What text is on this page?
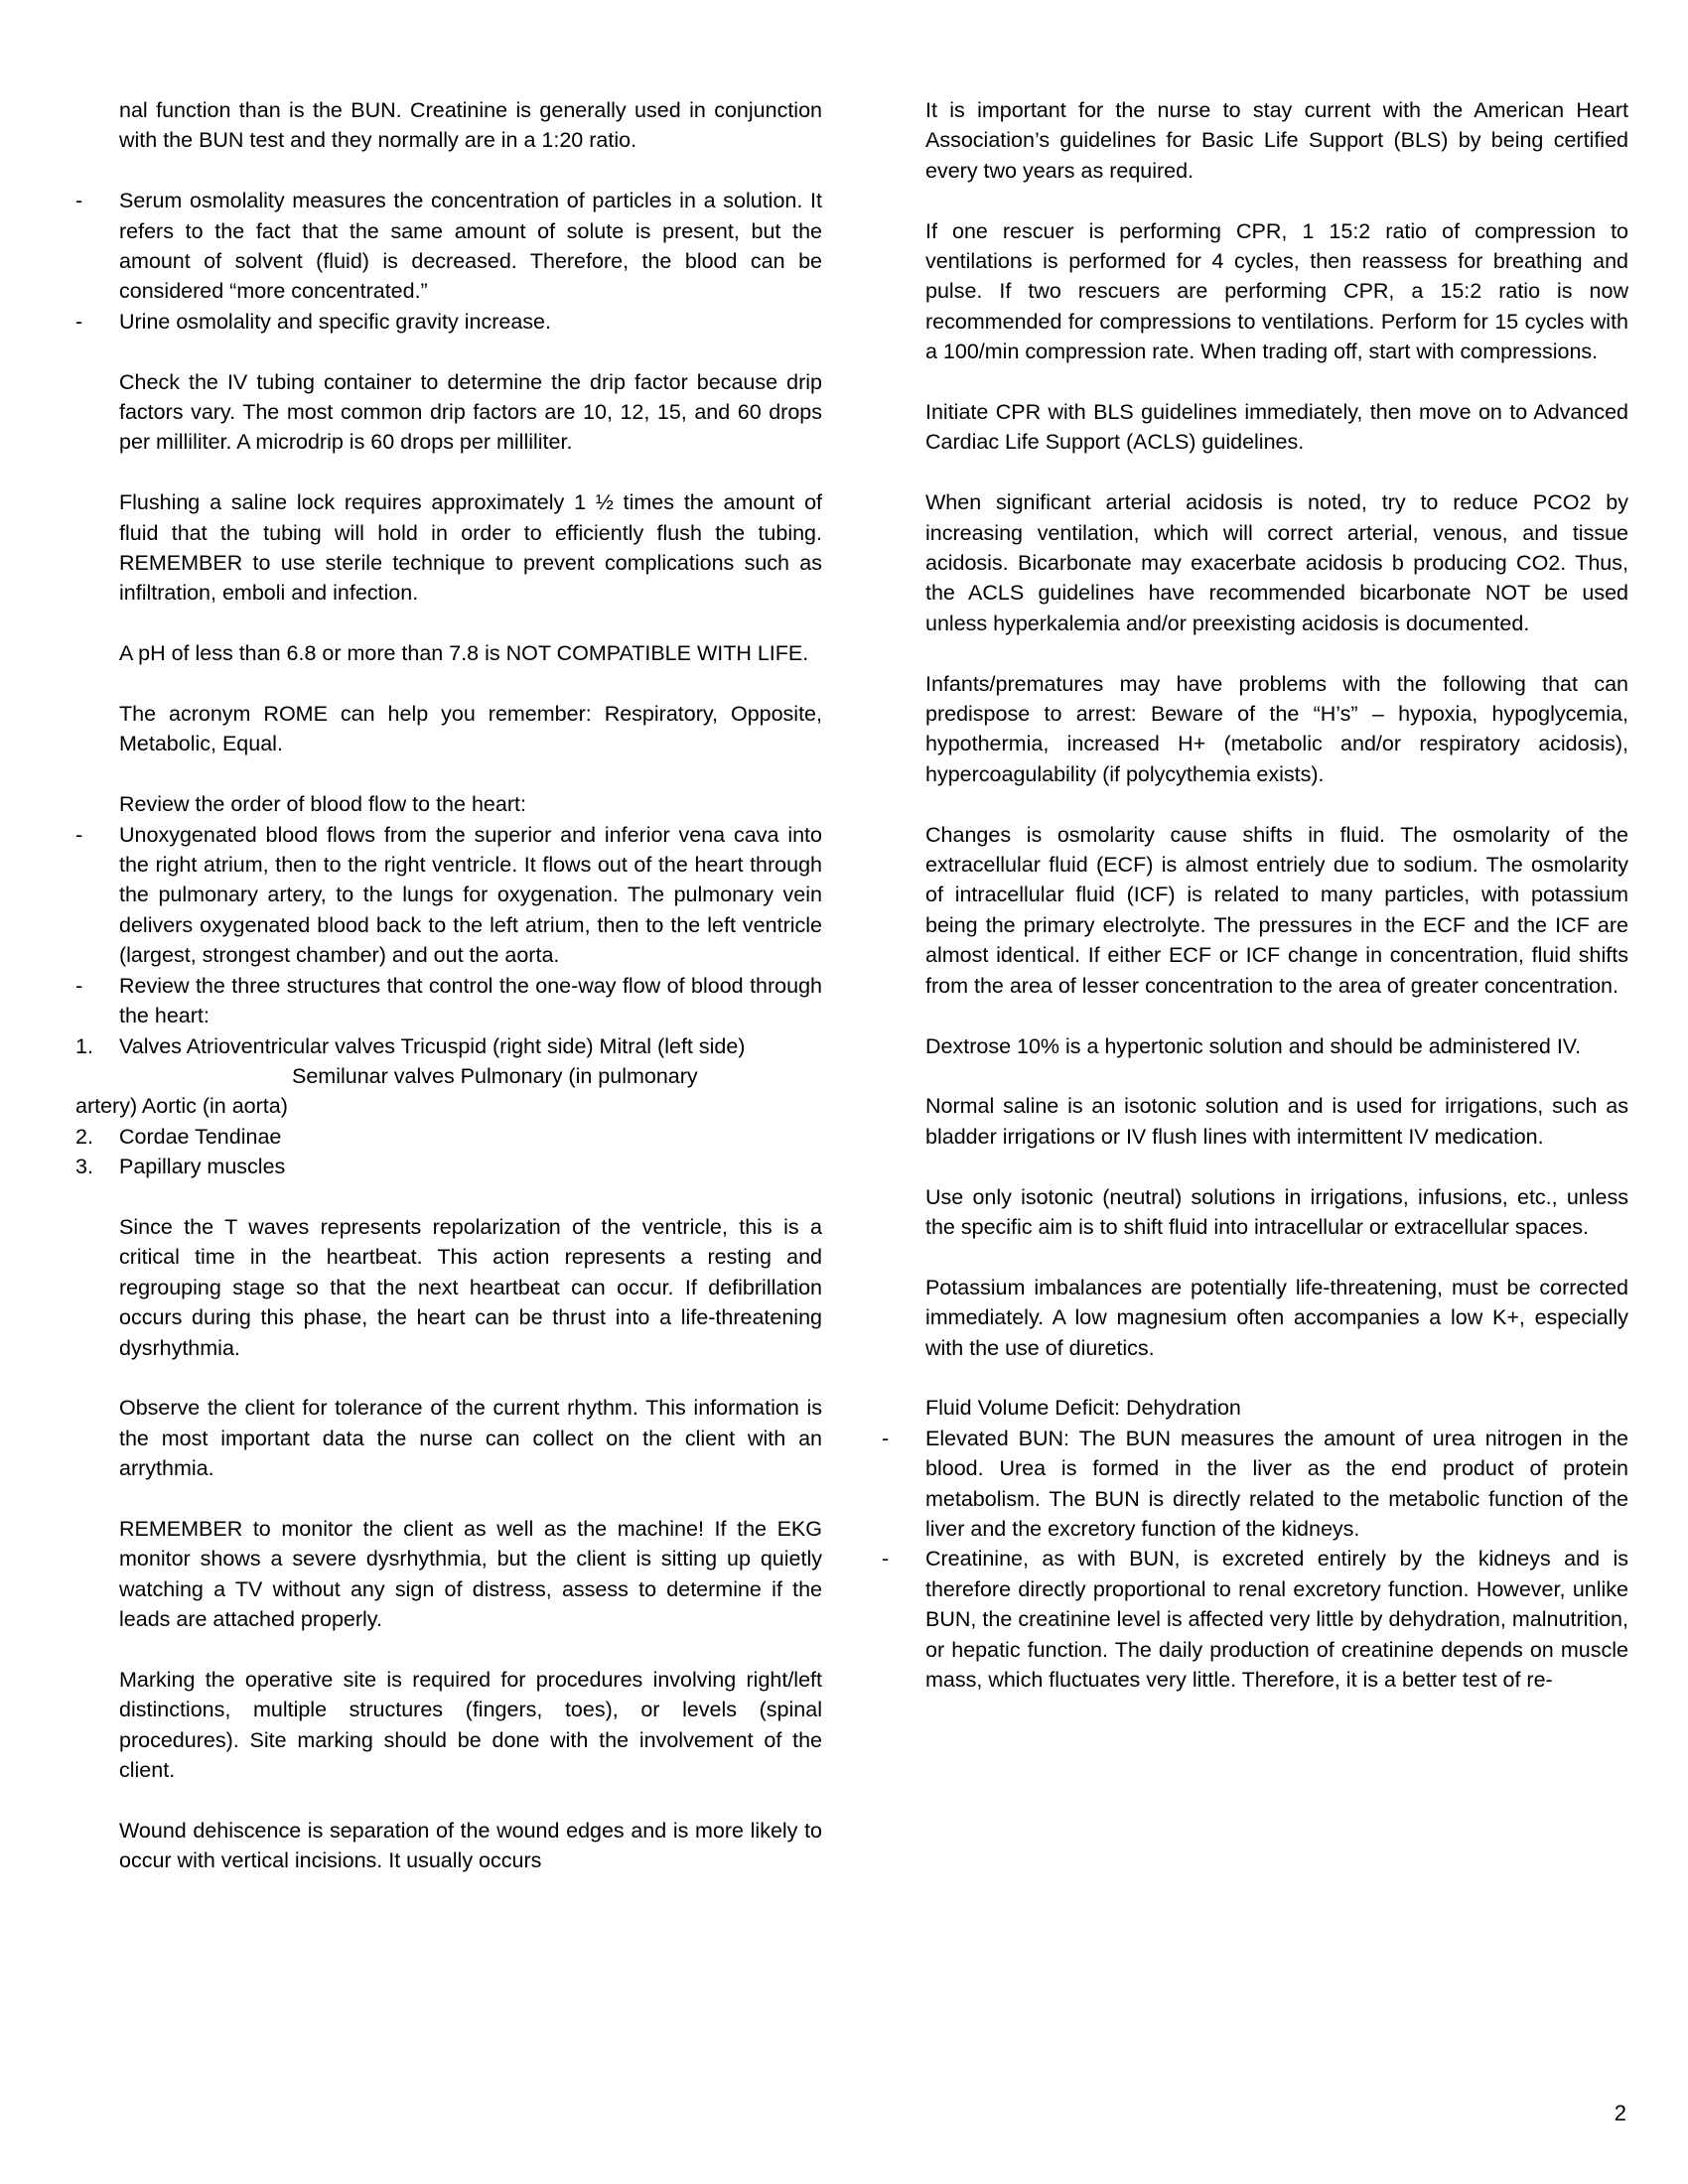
nal function than is the BUN. Creatinine is generally used in conjunction with the BUN test and they normally are in a 1:20 ratio.

-	Serum osmolality measures the concentration of particles in a solution. It refers to the fact that the same amount of solute is present, but the amount of solvent (fluid) is decreased. Therefore, the blood can be considered “more concentrated.”
-	Urine osmolality and specific gravity increase.

Check the IV tubing container to determine the drip factor because drip factors vary. The most common drip factors are 10, 12, 15, and 60 drops per milliliter. A microdrip is 60 drops per milliliter.

Flushing a saline lock requires approximately 1 ½ times the amount of fluid that the tubing will hold in order to efficiently flush the tubing. REMEMBER to use sterile technique to prevent complications such as infiltration, emboli and infection.

A pH of less than 6.8 or more than 7.8 is NOT COMPATIBLE WITH LIFE.

The acronym ROME can help you remember: Respiratory, Opposite, Metabolic, Equal.

Review the order of blood flow to the heart:

-	Unoxygenated blood flows from the superior and inferior vena cava into the right atrium, then to the right ventricle. It flows out of the heart through the pulmonary artery, to the lungs for oxygenation. The pulmonary vein delivers oxygenated blood back to the left atrium, then to the left ventricle (largest, strongest chamber) and out the aorta.
-	Review the three structures that control the one-way flow of blood through the heart:
1.	Valves Atrioventricular valves Tricuspid (right side) Mitral (left side)
Semilunar valves Pulmonary (in pulmonary
artery) Aortic (in aorta)
2.	Cordae Tendinae
3.	Papillary muscles

Since the T waves represents repolarization of the ventricle, this is a critical time in the heartbeat. This action represents a resting and regrouping stage so that the next heartbeat can occur. If defibrillation occurs during this phase, the heart can be thrust into a life-threatening dysrhythmia.

Observe the client for tolerance of the current rhythm. This information is the most important data the nurse can collect on the client with an arrythmia.

REMEMBER to monitor the client as well as the machine! If the EKG monitor shows a severe dysrhythmia, but the client is sitting up quietly watching a TV without any sign of distress, assess to determine if the leads are attached properly.

Marking the operative site is required for procedures involving right/left distinctions, multiple structures (fingers, toes), or levels (spinal procedures). Site marking should be done with the involvement of the client.

Wound dehiscence is separation of the wound edges and is more likely to occur with vertical incisions. It usually occurs

It is important for the nurse to stay current with the American Heart Association’s guidelines for Basic Life Support (BLS) by being certified every two years as required.

If one rescuer is performing CPR, 1 15:2 ratio of compression to ventilations is performed for 4 cycles, then reassess for breathing and pulse. If two rescuers are performing CPR, a 15:2 ratio is now recommended for compressions to ventilations. Perform for 15 cycles with a 100/min compression rate. When trading off, start with compressions.

Initiate CPR with BLS guidelines immediately, then move on to Advanced Cardiac Life Support (ACLS) guidelines.

When significant arterial acidosis is noted, try to reduce PCO2 by increasing ventilation, which will correct arterial, venous, and tissue acidosis. Bicarbonate may exacerbate acidosis b producing CO2. Thus, the ACLS guidelines have recommended bicarbonate NOT be used unless hyperkalemia and/or preexisting acidosis is documented.

Infants/prematures may have problems with the following that can predispose to arrest: Beware of the “H’s” – hypoxia, hypoglycemia, hypothermia, increased H+ (metabolic and/or respiratory acidosis), hypercoagulability (if polycythemia exists).

Changes is osmolarity cause shifts in fluid. The osmolarity of the extracellular fluid (ECF) is almost entriely due to sodium. The osmolarity of intracellular fluid (ICF) is related to many particles, with potassium being the primary electrolyte. The pressures in the ECF and the ICF are almost identical. If either ECF or ICF change in concentration, fluid shifts from the area of lesser concentration to the area of greater concentration.

Dextrose 10% is a hypertonic solution and should be administered IV.

Normal saline is an isotonic solution and is used for irrigations, such as bladder irrigations or IV flush lines with intermittent IV medication.

Use only isotonic (neutral) solutions in irrigations, infusions, etc., unless the specific aim is to shift fluid into intracellular or extracellular spaces.

Potassium imbalances are potentially life-threatening, must be corrected immediately. A low magnesium often accompanies a low K+, especially with the use of diuretics.

Fluid Volume Deficit: Dehydration

-	Elevated BUN: The BUN measures the amount of urea nitrogen in the blood. Urea is formed in the liver as the end product of protein metabolism. The BUN is directly related to the metabolic function of the liver and the excretory function of the kidneys.
-	Creatinine, as with BUN, is excreted entirely by the kidneys and is therefore directly proportional to renal excretory function. However, unlike BUN, the creatinine level is affected very little by dehydration, malnutrition, or hepatic function. The daily production of creatinine depends on muscle mass, which fluctuates very little. Therefore, it is a better test of re-
2
